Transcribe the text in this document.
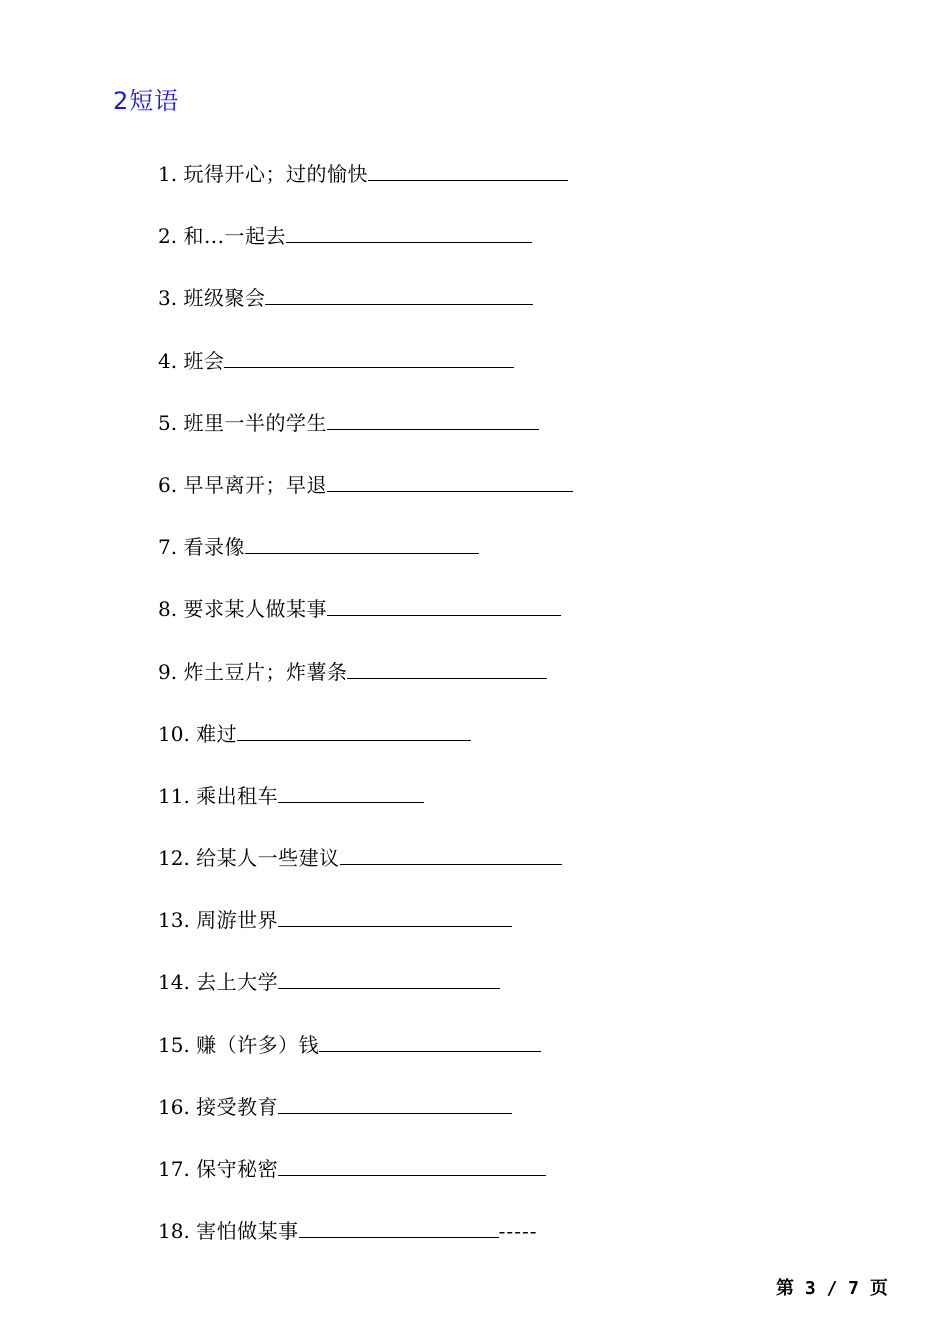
2短语
1. 玩得开心；过的愉快
2. 和...一起去
3. 班级聚会
4. 班会
5. 班里一半的学生
6. 早早离开；早退
7. 看录像
8. 要求某人做某事
9. 炸土豆片；炸薯条
10. 难过
11. 乘出租车
12. 给某人一些建议
13. 周游世界
14. 去上大学
15. 赚（许多）钱
16. 接受教育
17. 保守秘密
18. 害怕做某事	-----
第 3 / 7 页
